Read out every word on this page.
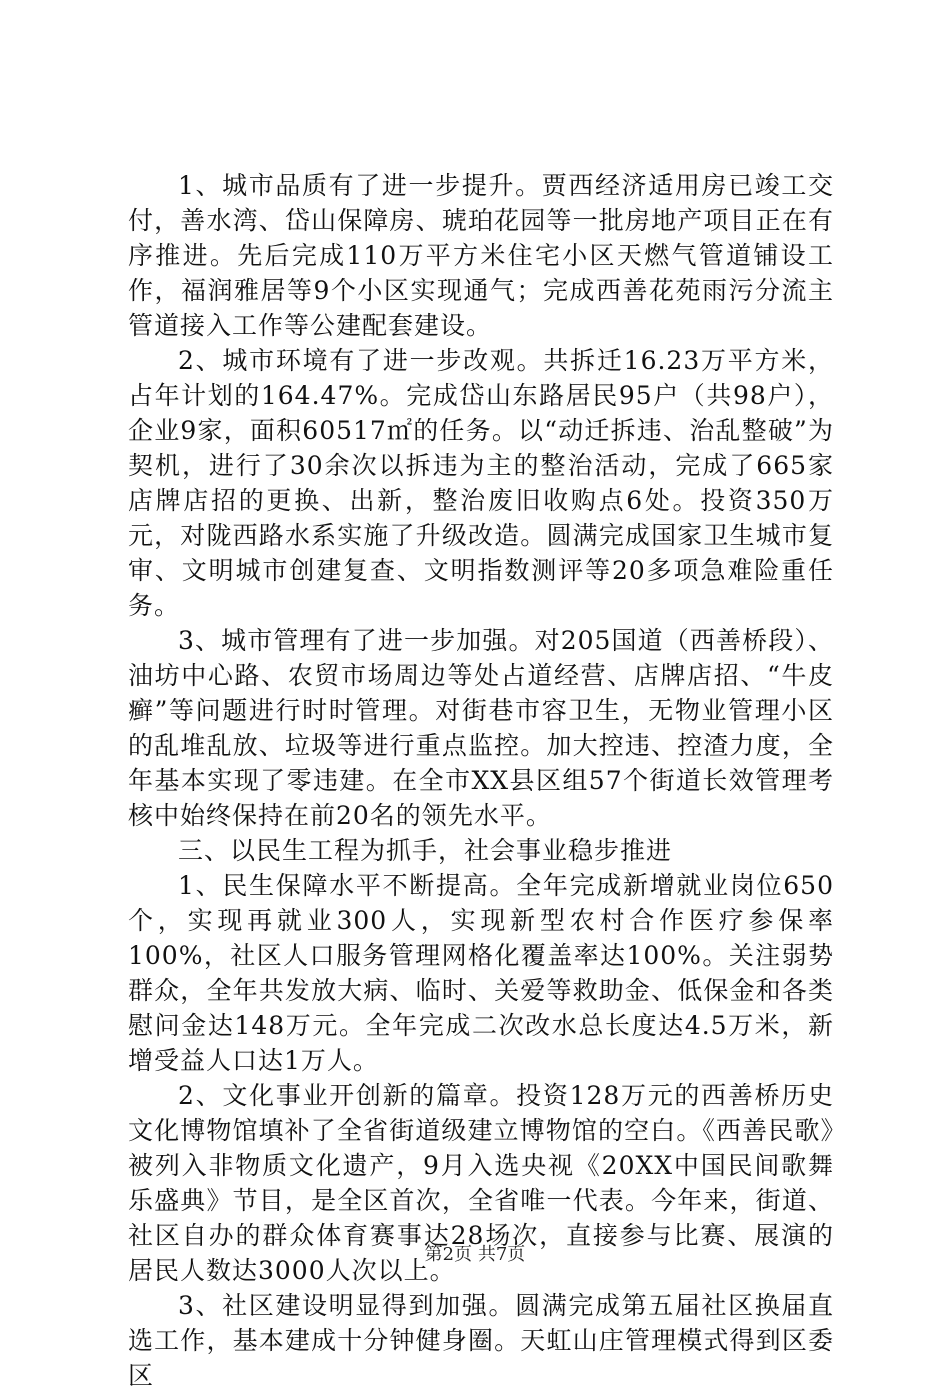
1、城市品质有了进一步提升。贾西经济适用房已竣工交付，善水湾、岱山保障房、琥珀花园等一批房地产项目正在有序推进。先后完成110万平方米住宅小区天燃气管道铺设工作，福润雅居等9个小区实现通气；完成西善花苑雨污分流主管道接入工作等公建配套建设。

2、城市环境有了进一步改观。共拆迁16.23万平方米，占年计划的164.47%。完成岱山东路居民95户（共98户），企业9家，面积60517㎡的任务。以“动迁拆违、治乱整破”为契机，进行了30余次以拆违为主的整治活动，完成了665家店牌店招的更换、出新，整治废旧收购点6处。投资350万元，对陇西路水系实施了升级改造。圆满完成国家卫生城市复审、文明城市创建复查、文明指数测评等20多项急难险重任务。

3、城市管理有了进一步加强。对205国道（西善桥段）、油坊中心路、农贸市场周边等处占道经营、店牌店招、“牛皮癣”等问题进行时时管理。对街巷市容卫生，无物业管理小区的乱堆乱放、垃圾等进行重点监控。加大控违、控渣力度，全年基本实现了零违建。在全市XX县区组57个街道长效管理考核中始终保持在前20名的领先水平。

三、以民生工程为抓手，社会事业稳步推进

1、民生保障水平不断提高。全年完成新增就业岗位650个，实现再就业300人，实现新型农村合作医疗参保率100%，社区人口服务管理网格化覆盖率达100%。关注弱势群众，全年共发放大病、临时、关爱等救助金、低保金和各类慰问金达148万元。全年完成二次改水总长度达4.5万米，新增受益人口达1万人。

2、文化事业开创新的篇章。投资128万元的西善桥历史文化博物馆填补了全省街道级建立博物馆的空白。《西善民歌》被列入非物质文化遗产，9月入选央视《20XX中国民间歌舞乐盛典》节目，是全区首次，全省唯一代表。今年来，街道、社区自办的群众体育赛事达28场次，直接参与比赛、展演的居民人数达3000人次以上。

3、社区建设明显得到加强。圆满完成第五届社区换届直选工作，基本建成十分钟健身圈。天虹山庄管理模式得到区委区

第2页 共7页
